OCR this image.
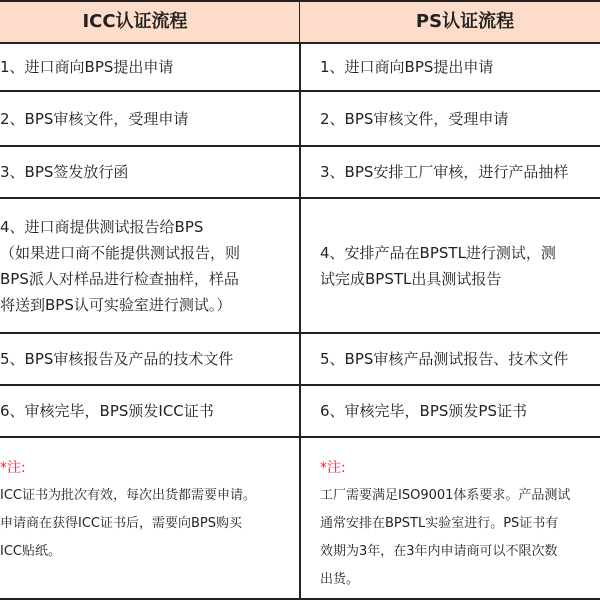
ICC认证流程
1、进口商向BPS提出申请
2、BPS审核文件，受理申请
3、BPS签发放行函
4、进口商提供测试报告给BPS
（如果进口商不能提供测试报告，则
BPS派人对样品进行检查抽样，样品
将送到BPS认可实验室进行测试。）
5、BPS审核报告及产品的技术文件
6、审核完毕，BPS颁发ICC证书
*注:
ICC证书为批次有效，每次出货都需要申请。
申请商在获得ICC证书后，需要向BPS购买
ICC贴纸。
PS认证流程
1、进口商向BPS提出申请
2、BPS审核文件，受理申请
3、BPS安排工厂审核，进行产品抽样
4、安排产品在BPSTL进行测试，测
试完成BPSTL出具测试报告
5、BPS审核产品测试报告、技术文件
6、审核完毕，BPS颁发PS证书
*注:
工厂需要满足ISO9001体系要求。产品测试
通常安排在BPSTL实验室进行。PS证书有
效期为3年，在3年内申请商可以不限次数
出货。
